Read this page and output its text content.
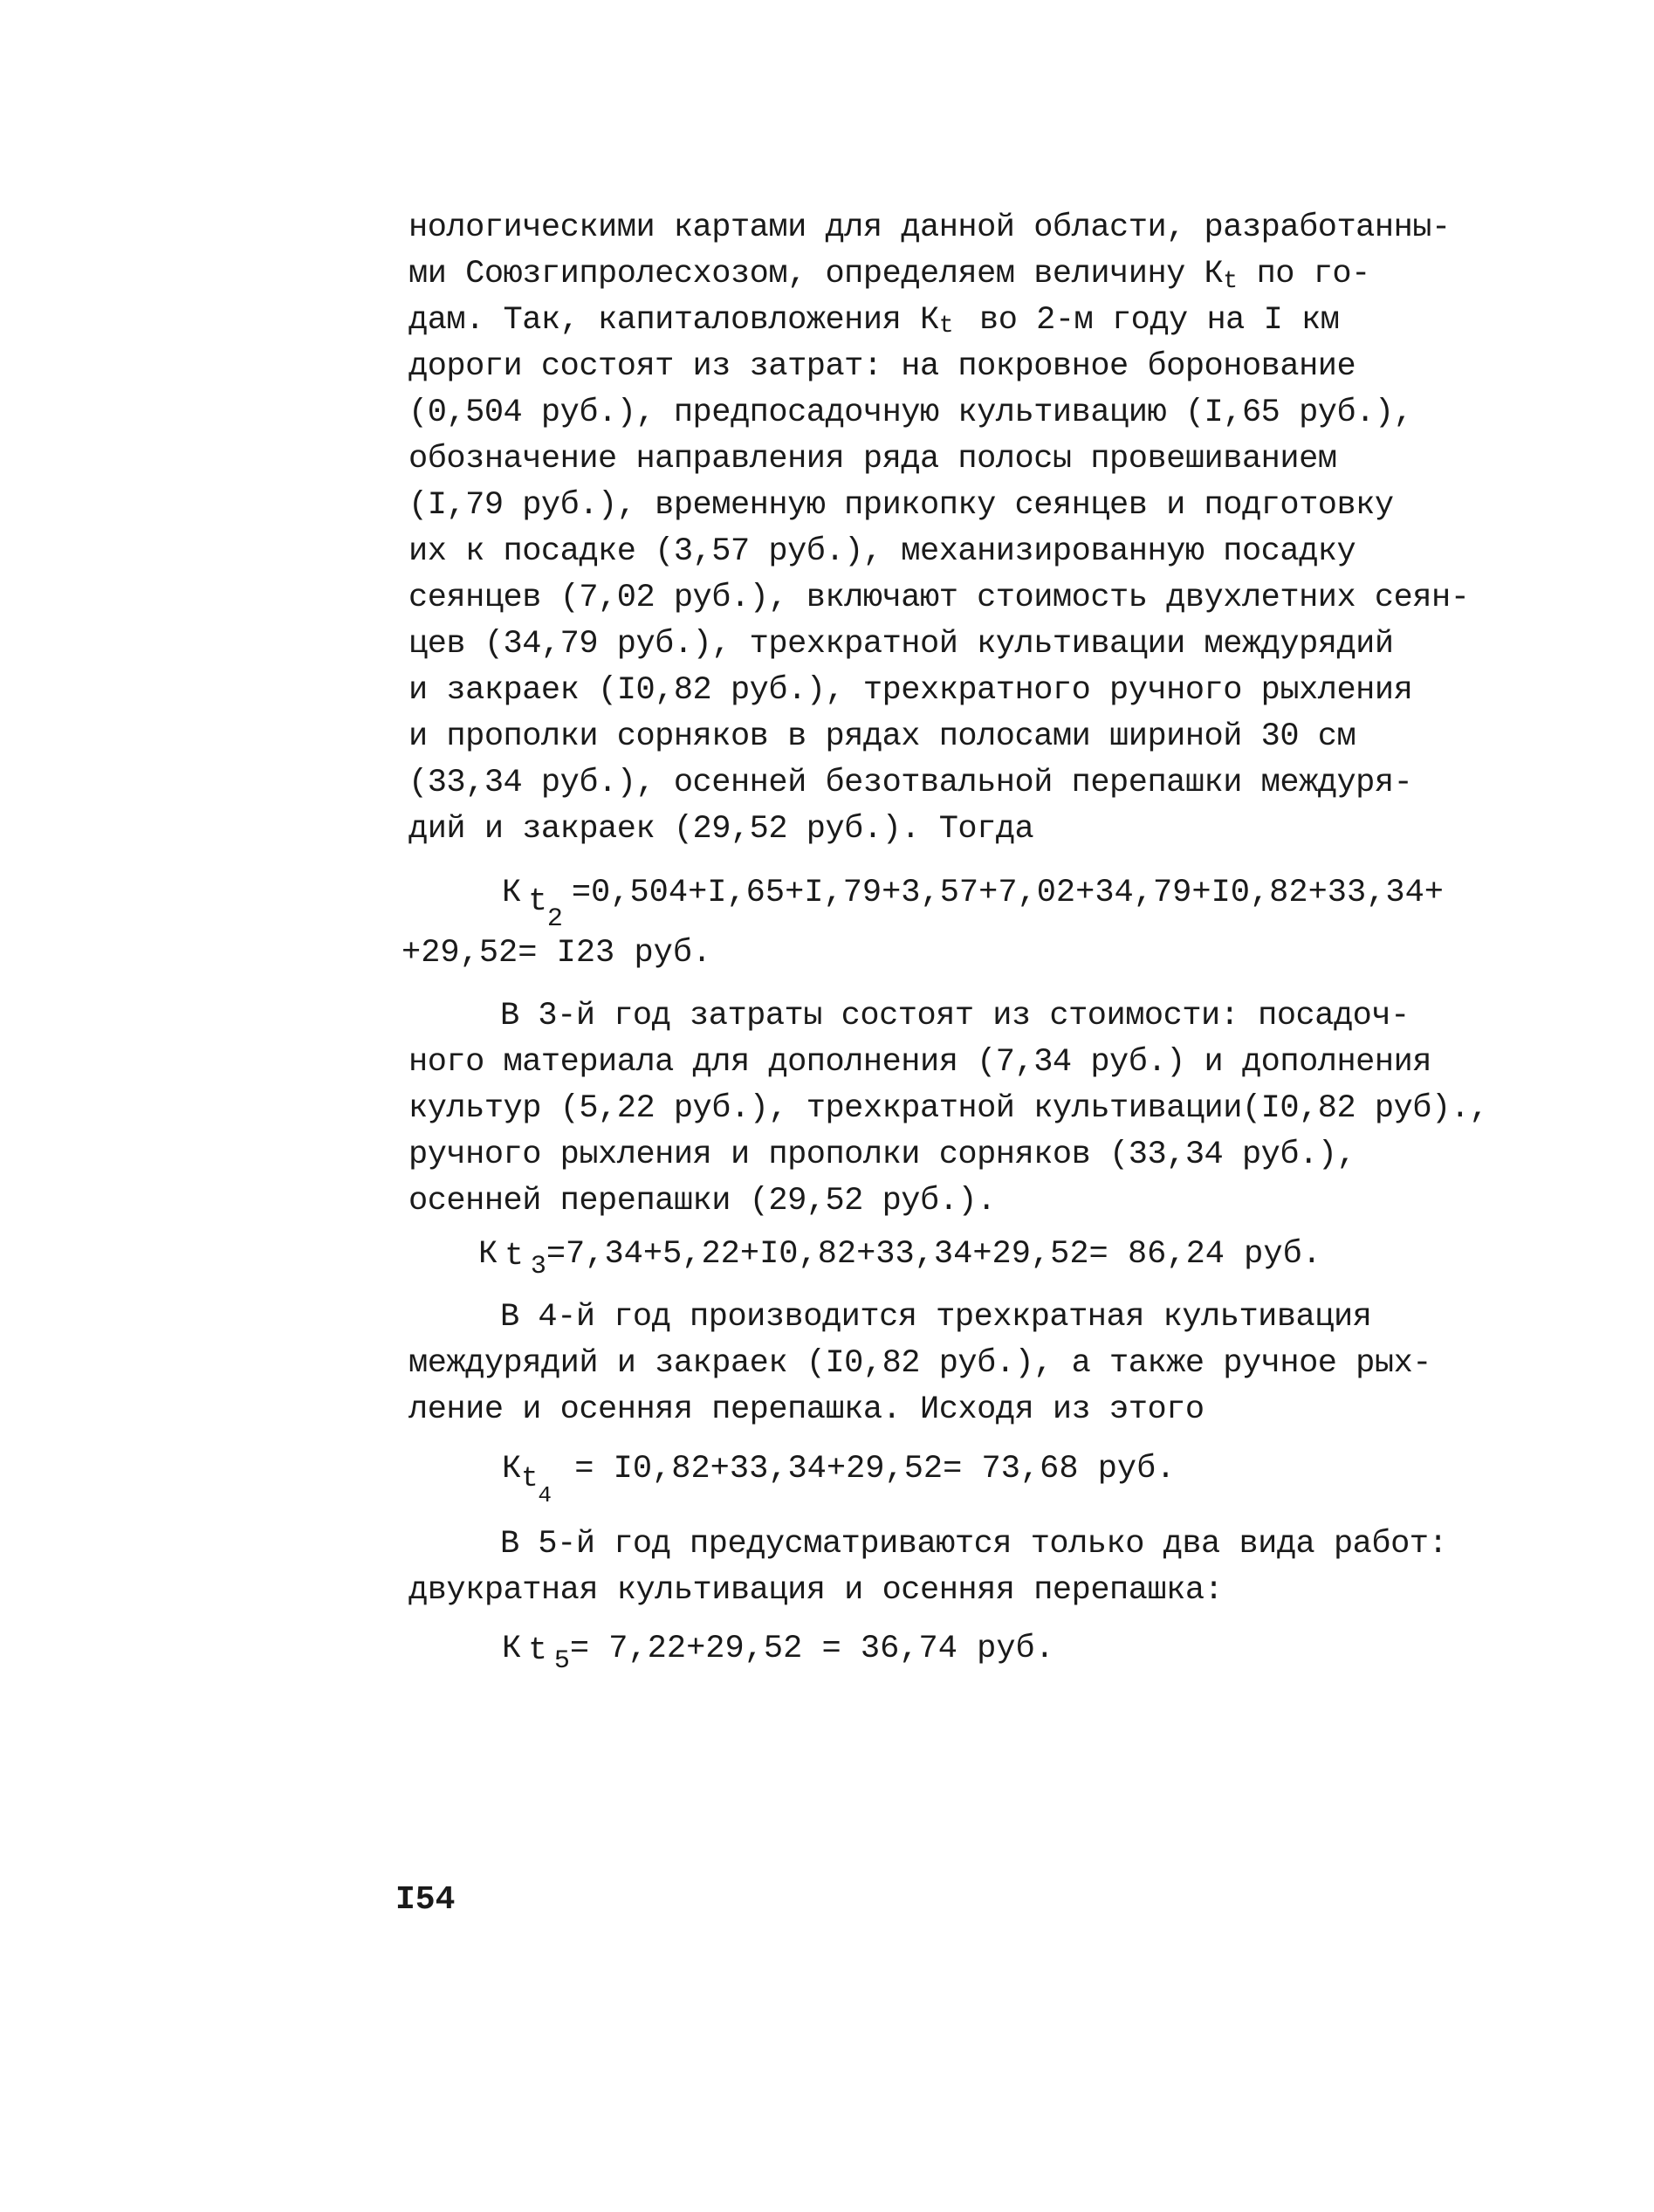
нологическими картами для данной области, разработанны-
ми Союзгипролесхозом, определяем величину Кt по го-
дам. Так, капиталовложения Кt во 2-м году на I км
дороги состоят из затрат: на покровное боронование
(0,504 руб.), предпосадочную культивацию (I,65 руб.),
обозначение направления ряда полосы провешиванием
(I,79 руб.), временную прикопку сеянцев и подготовку
их к посадке (3,57 руб.), механизированную посадку
сеянцев (7,02 руб.), включают стоимость двухлетних сеян-
цев (34,79 руб.), трехкратной культивации междурядий
и закраек (I0,82 руб.), трехкратного ручного рыхления
и прополки сорняков в рядах полосами шириной 30 см
(33,34 руб.), осенней безотвальной перепашки междуря-
дий и закраек (29,52 руб.). Тогда
К t2=0,504+I,65+I,79+3,57+7,02+34,79+I0,82+33,34+
+29,52= I23 руб.
В 3-й год затраты состоят из стоимости: посадоч-
ного материала для дополнения (7,34 руб.) и дополнения
культур (5,22 руб.), трехкратной культивации(I0,82 руб).,
ручного рыхления и прополки сорняков (33,34 руб.),
осенней перепашки (29,52 руб.).
К t 3=7,34+5,22+I0,82+33,34+29,52= 86,24 руб.
В 4-й год производится трехкратная культивация
междурядий и закраек (I0,82 руб.), а также ручное рых-
ление и осенняя перепашка. Исходя из этого
Кt4 = I0,82+33,34+29,52= 73,68 руб.
В 5-й год предусматриваются только два вида работ:
двукратная культивация и осенняя перепашка:
К t 5= 7,22+29,52 = 36,74 руб.
I54
